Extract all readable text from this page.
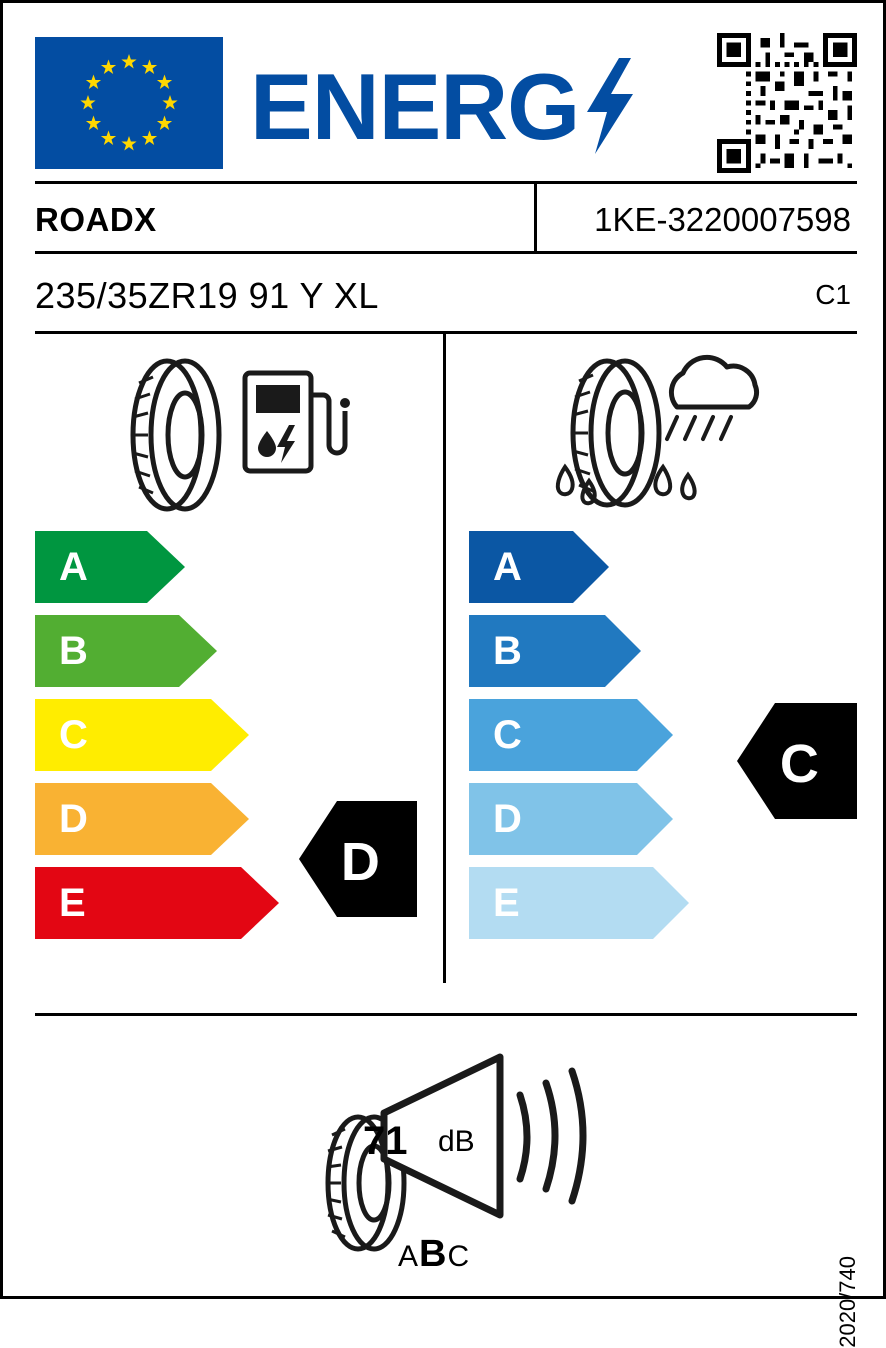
ENERG
ROADX	1KE-3220007598
235/35ZR19 91 Y XL	C1
A
B
C
D
E
A
B
C
D
E
D
C
71 dB
ABC	2020/740
